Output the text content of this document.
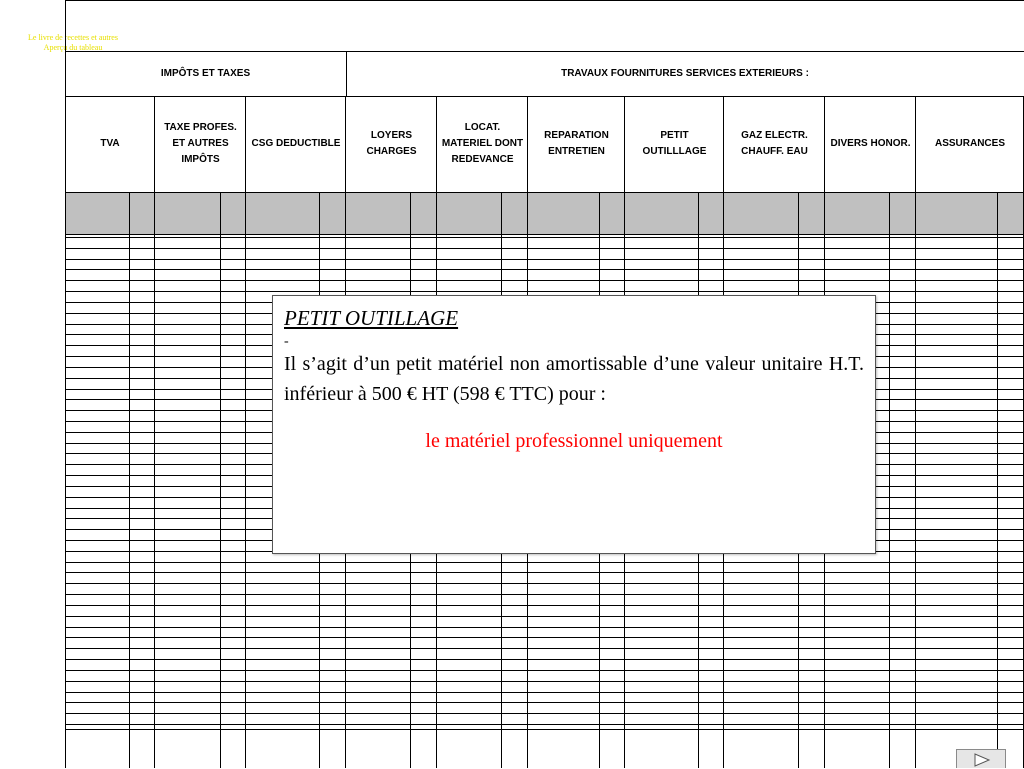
Le livre de recettes et autres
Aperçu du tableau
IMPÔTS ET TAXES	TRAVAUX FOURNITURES SERVICES EXTERIEURS :
TVA
TAXE PROFES.
ET AUTRES
IMPÔTS
CSG DEDUCTIBLE
LOYERS
CHARGES
LOCAT.
MATERIEL DONT
REDEVANCE
REPARATION
ENTRETIEN
PETIT
OUTILLLAGE
GAZ ELECTR.
CHAUFF. EAU
DIVERS HONOR.	ASSURANCES
PETIT OUTILLAGE
-
Il s’agit d’un petit matériel non amortissable d’une valeur unitaire H.T. inférieur à 500 € HT (598 € TTC) pour :
le matériel professionnel uniquement
